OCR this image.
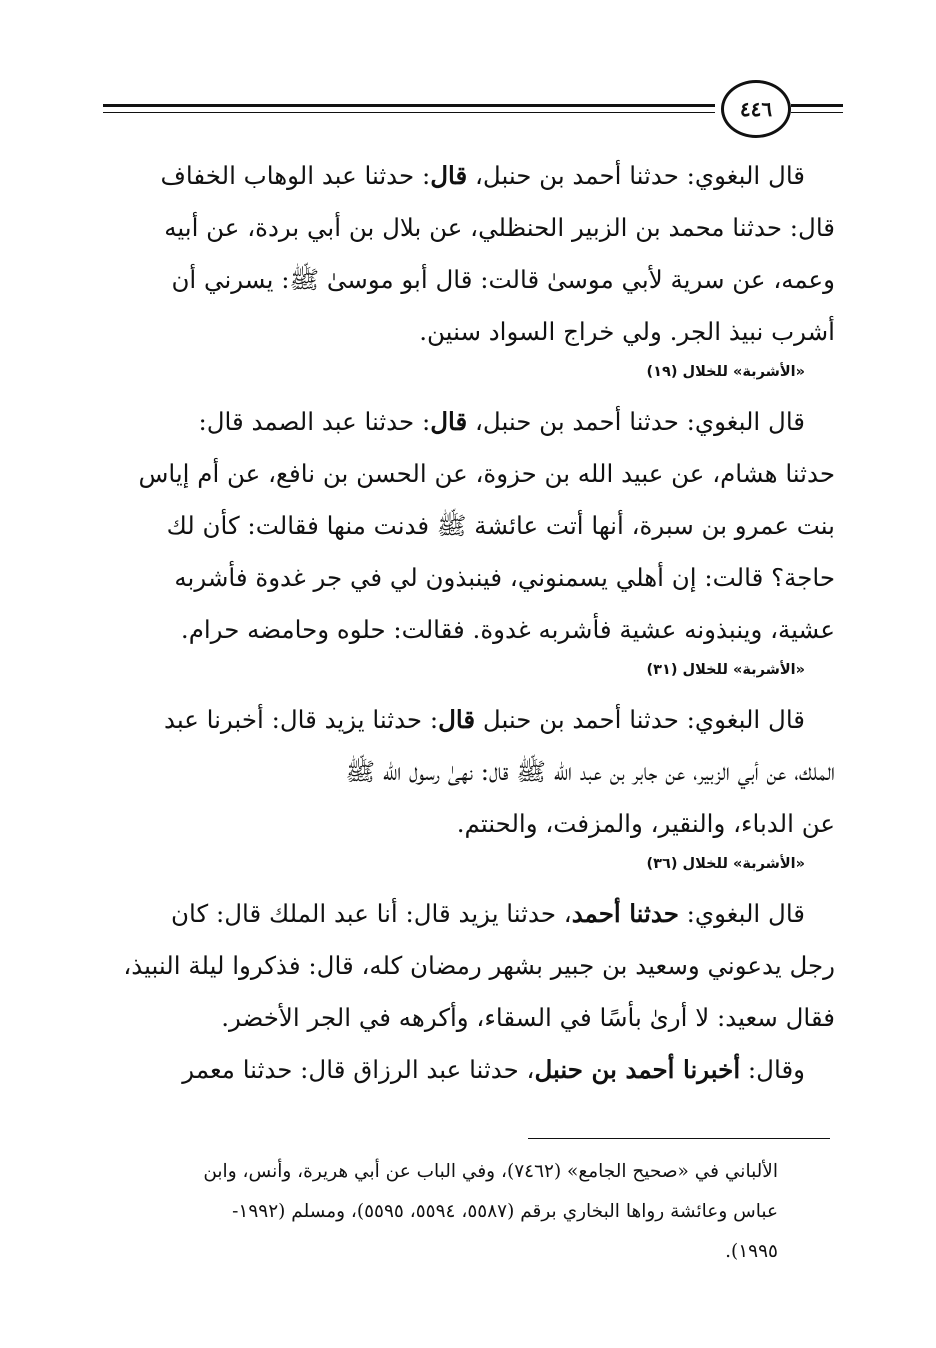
٤٤٦

قال البغوي: حدثنا أحمد بن حنبل، قال: حدثنا عبد الوهاب الخفاف

قال: حدثنا محمد بن الزبير الحنظلي، عن بلال بن أبي بردة، عن أبيه

وعمه، عن سرية لأبي موسىٰ قالت: قال أبو موسىٰ ﷺ: يسرني أن

أشرب نبيذ الجر. ولي خراج السواد سنين.

«الأشربة» للخلال (١٩)

قال البغوي: حدثنا أحمد بن حنبل، قال: حدثنا عبد الصمد قال:

حدثنا هشام، عن عبيد الله بن حزوة، عن الحسن بن نافع، عن أم إياس

بنت عمرو بن سبرة، أنها أتت عائشة ﷺ فدنت منها فقالت: كأن لك

حاجة؟ قالت: إن أهلي يسمنوني، فينبذون لي في جر غدوة فأشربه

عشية، وينبذونه عشية فأشربه غدوة. فقالت: حلوه وحامضه حرام.

«الأشربة» للخلال (٣١)

قال البغوي: حدثنا أحمد بن حنبل قال: حدثنا يزيد قال: أخبرنا عبد

الملك، عن أبي الزبير، عن جابر بن عبد الله ﷺ قال: نهىٰ رسول الله ﷺ

عن الدباء، والنقير، والمزفت، والحنتم.

«الأشربة» للخلال (٣٦)

قال البغوي: حدثنا أحمد، حدثنا يزيد قال: أنا عبد الملك قال: كان

رجل يدعوني وسعيد بن جبير بشهر رمضان كله، قال: فذكروا ليلة النبيذ،

فقال سعيد: لا أرىٰ بأسًا في السقاء، وأكرهه في الجر الأخضر.

وقال: أخبرنا أحمد بن حنبل، حدثنا عبد الرزاق قال: حدثنا معمر

الألباني في «صحيح الجامع» (٧٤٦٢)، وفي الباب عن أبي هريرة، وأنس، وابن
عباس وعائشة رواها البخاري برقم (٥٥٨٧، ٥٥٩٤، ٥٥٩٥)، ومسلم (١٩٩٢-
١٩٩٥).
